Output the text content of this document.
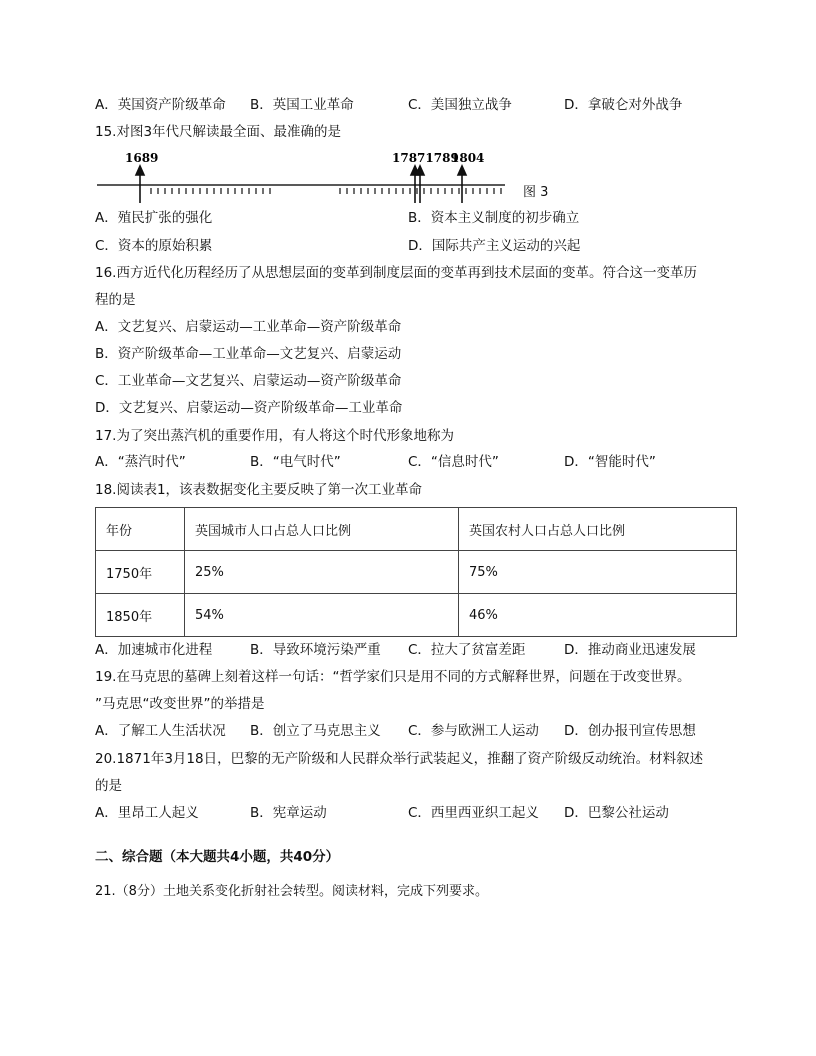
A．英国资产阶级革命 B．英国工业革命	C．美国独立战争	D．拿破仑对外战争
15.对图3年代尺解读最全面、最准确的是
1689	17871789
1804
图 3
A．殖民扩张的强化	B．资本主义制度的初步确立
C．资本的原始积累	D．国际共产主义运动的兴起
16.西方近代化历程经历了从思想层面的变革到制度层面的变革再到技术层面的变革。符合这一变革历
程的是
A．文艺复兴、启蒙运动—工业革命—资产阶级革命
B．资产阶级革命—工业革命—文艺复兴、启蒙运动
C．工业革命—文艺复兴、启蒙运动—资产阶级革命
D．文艺复兴、启蒙运动—资产阶级革命—工业革命
17.为了突出蒸汽机的重要作用，有人将这个时代形象地称为
A．“蒸汽时代”	B．“电气时代”	C．“信息时代”	D．“智能时代”
18.阅读表1，该表数据变化主要反映了第一次工业革命
年份	英国城市人口占总人口比例	英国农村人口占总人口比例
1750年	25%	75%
1850年	54%	46%
A．加速城市化进程	B．导致环境污染严重 C．拉大了贫富差距	D．推动商业迅速发展
19.在马克思的墓碑上刻着这样一句话：“哲学家们只是用不同的方式解释世界，问题在于改变世界。
”马克思“改变世界”的举措是
A．了解工人生活状况 B．创立了马克思主义 C．参与欧洲工人运动 D．创办报刊宣传思想
20.1871年3月18日，巴黎的无产阶级和人民群众举行武装起义，推翻了资产阶级反动统治。材料叙述
的是
A．里昂工人起义	B．宪章运动	C．西里西亚织工起义 D．巴黎公社运动
二、综合题（本大题共4小题，共40分）
21.（8分）土地关系变化折射社会转型。阅读材料，完成下列要求。
